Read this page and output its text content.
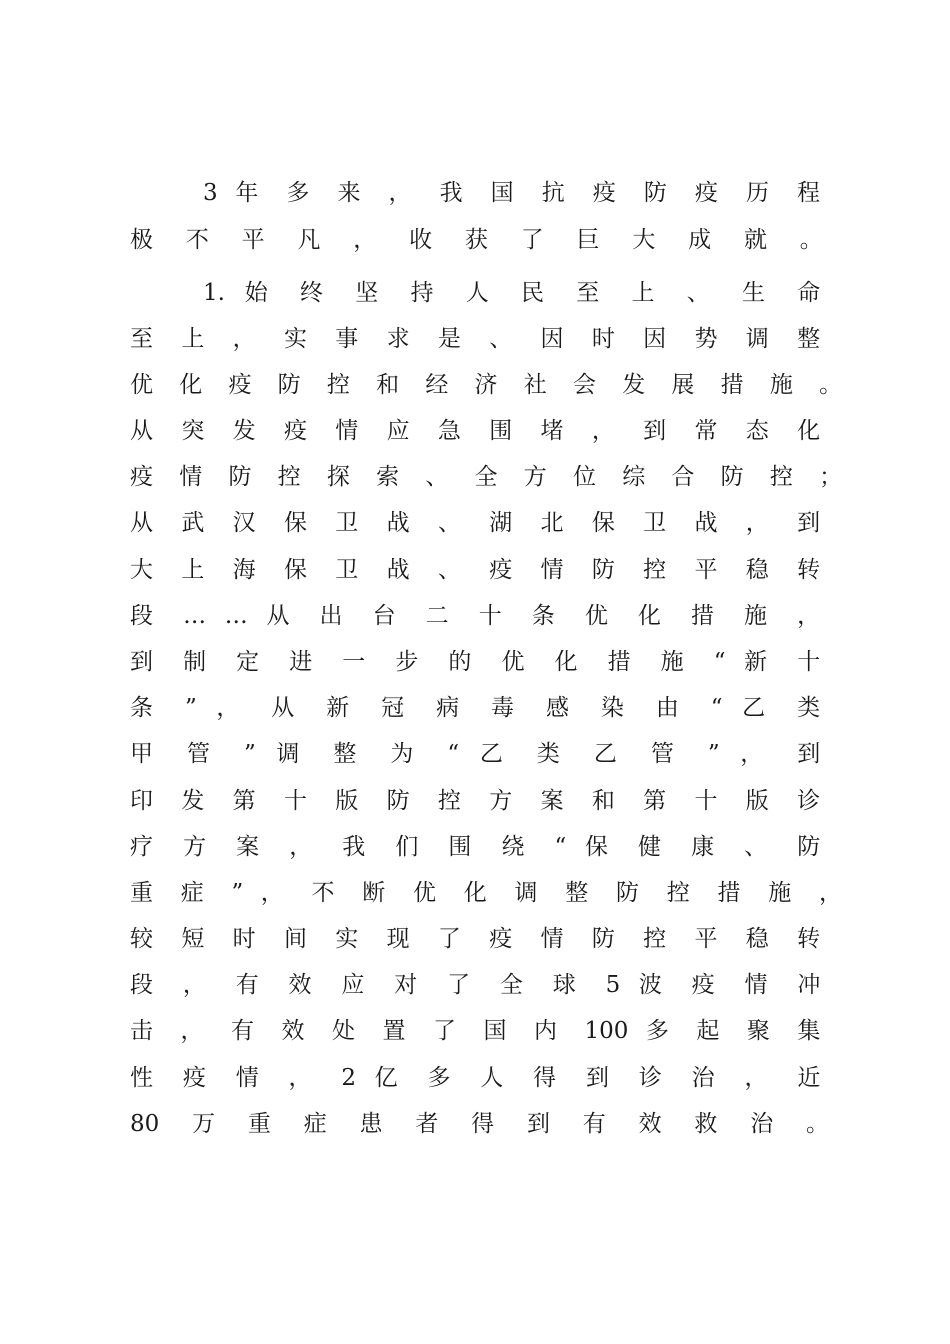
3 年 多 来 ， 我 国 抗 疫 防 疫 历 程
极 不 平 凡 ， 收 获 了 巨 大 成 就 。
1. 始 终 坚 持 人 民 至 上 、 生 命
至 上 ， 实 事 求 是 、 因 时 因 势 调 整
优 化 疫 防 控 和 经 济 社 会 发 展 措 施 。
从 突 发 疫 情 应 急 围 堵 ， 到 常 态 化
疫 情 防 控 探 索 、 全 方 位 综 合 防 控 ；
从 武 汉 保 卫 战 、 湖 北 保 卫 战 ， 到
大 上 海 保 卫 战 、 疫 情 防 控 平 稳 转
段 … … 从 出 台 二 十 条 优 化 措 施 ，
到 制 定 进 一 步 的 优 化 措 施 “ 新 十
条 ” ， 从 新 冠 病 毒 感 染 由 “ 乙 类
甲 管 ” 调 整 为 “ 乙 类 乙 管 ” ， 到
印 发 第 十 版 防 控 方 案 和 第 十 版 诊
疗 方 案 ， 我 们 围 绕 “ 保 健 康 、 防
重 症 ” ， 不 断 优 化 调 整 防 控 措 施 ，
较 短 时 间 实 现 了 疫 情 防 控 平 稳 转
段 ， 有 效 应 对 了 全 球 5 波 疫 情 冲
击 ， 有 效 处 置 了 国 内 100 多 起 聚 集
性 疫 情 ， 2 亿 多 人 得 到 诊 治 ， 近
80 万 重 症 患 者 得 到 有 效 救 治 。
